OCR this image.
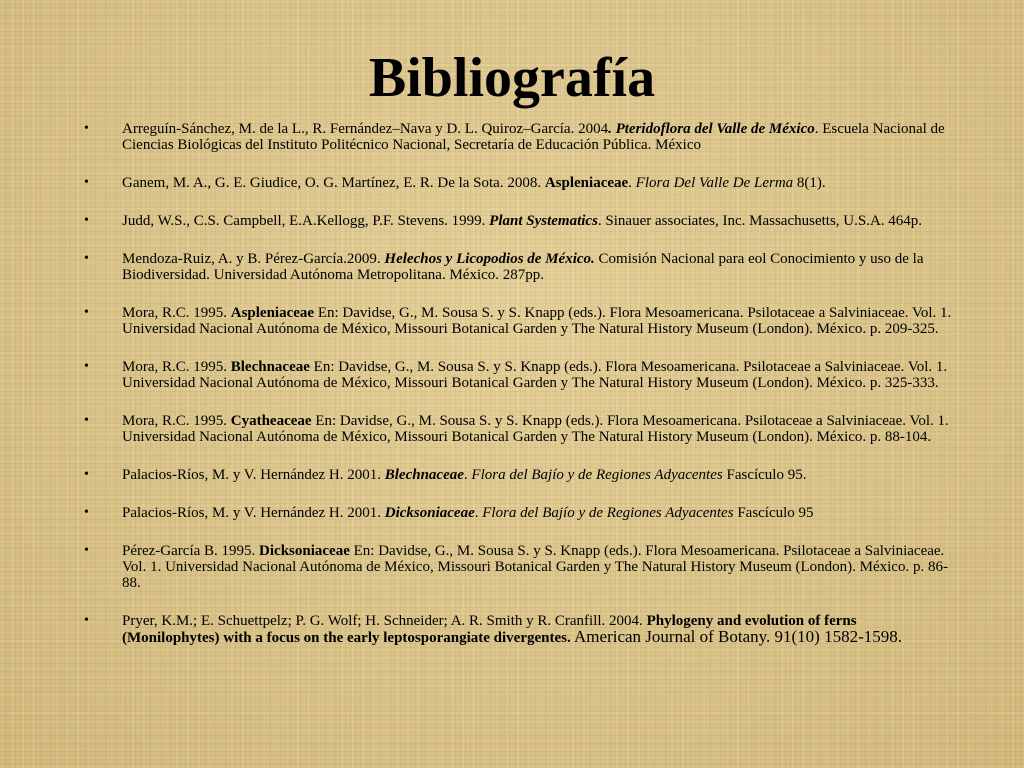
Bibliografía
• Arreguín-Sánchez, M. de la L., R. Fernández–Nava y D. L. Quiroz–García. 2004. Pteridoflora del Valle de México. Escuela Nacional de Ciencias Biológicas del Instituto Politécnico Nacional, Secretaría de Educación Pública. México
• Ganem, M. A., G. E. Giudice, O. G. Martínez, E. R. De la Sota. 2008. Aspleniaceae. Flora Del Valle De Lerma 8(1).
• Judd, W.S., C.S. Campbell, E.A.Kellogg, P.F. Stevens. 1999. Plant Systematics. Sinauer associates, Inc. Massachusetts, U.S.A. 464p.
• Mendoza-Ruiz, A. y B. Pérez-García.2009. Helechos y Licopodios de México. Comisión Nacional para eol Conocimiento y uso de la Biodiversidad. Universidad Autónoma Metropolitana. México. 287pp.
• Mora, R.C. 1995. Aspleniaceae En: Davidse, G., M. Sousa S. y S. Knapp (eds.). Flora Mesoamericana. Psilotaceae a Salviniaceae. Vol. 1. Universidad Nacional Autónoma de México, Missouri Botanical Garden y The Natural History Museum (London). México. p. 209-325.
• Mora, R.C. 1995. Blechnaceae En: Davidse, G., M. Sousa S. y S. Knapp (eds.). Flora Mesoamericana. Psilotaceae a Salviniaceae. Vol. 1. Universidad Nacional Autónoma de México, Missouri Botanical Garden y The Natural History Museum (London). México. p. 325-333.
• Mora, R.C. 1995. Cyatheaceae En: Davidse, G., M. Sousa S. y S. Knapp (eds.). Flora Mesoamericana. Psilotaceae a Salviniaceae. Vol. 1. Universidad Nacional Autónoma de México, Missouri Botanical Garden y The Natural History Museum (London). México. p. 88-104.
• Palacios-Ríos, M. y V. Hernández H. 2001. Blechnaceae. Flora del Bajío y de Regiones Adyacentes Fascículo 95.
• Palacios-Ríos, M. y V. Hernández H. 2001. Dicksoniaceae. Flora del Bajío y de Regiones Adyacentes Fascículo 95
• Pérez-García B. 1995. Dicksoniaceae En: Davidse, G., M. Sousa S. y S. Knapp (eds.). Flora Mesoamericana. Psilotaceae a Salviniaceae. Vol. 1. Universidad Nacional Autónoma de México, Missouri Botanical Garden y The Natural History Museum (London). México. p. 86-88.
• Pryer, K.M.; E. Schuettpelz; P. G. Wolf; H. Schneider; A. R. Smith y R. Cranfill. 2004. Phylogeny and evolution of ferns (Monilophytes) with a focus on the early leptosporangiate divergentes. American Journal of Botany. 91(10) 1582-1598.
